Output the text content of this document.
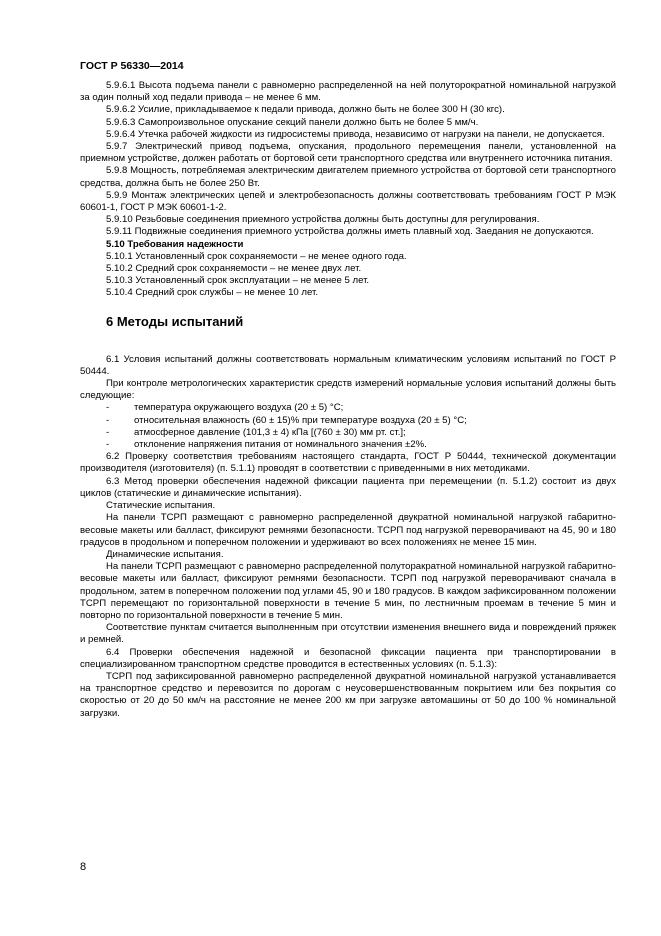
ГОСТ Р 56330—2014

5.9.6.1 Высота подъема панели с равномерно распределенной на ней полуторократной номинальной нагрузкой за один полный ход педали привода – не менее 6 мм.

5.9.6.2 Усилие, прикладываемое к педали привода, должно быть не более 300 Н (30 кгс).

5.9.6.3 Самопроизвольное опускание секций панели должно быть не более 5 мм/ч.

5.9.6.4 Утечка рабочей жидкости из гидросистемы привода, независимо от нагрузки на панели, не допускается.

5.9.7 Электрический привод подъема, опускания, продольного перемещения панели, установленной на приемном устройстве, должен работать от бортовой сети транспортного средства или внутреннего источника питания.

5.9.8 Мощность, потребляемая электрическим двигателем приемного устройства от бортовой сети транспортного средства, должна быть не более 250 Вт.

5.9.9 Монтаж электрических цепей и электробезопасность должны соответствовать требованиям ГОСТ Р МЭК 60601-1, ГОСТ Р МЭК 60601-1-2.

5.9.10 Резьбовые соединения приемного устройства должны быть доступны для регулирования.

5.9.11 Подвижные соединения приемного устройства должны иметь плавный ход. Заедания не допускаются.

5.10 Требования надежности

5.10.1 Установленный срок сохраняемости – не менее одного года.

5.10.2 Средний срок сохраняемости – не менее двух лет.

5.10.3 Установленный срок эксплуатации – не менее 5 лет.

5.10.4 Средний срок службы – не менее 10 лет.

6 Методы испытаний

6.1 Условия испытаний должны соответствовать нормальным климатическим условиям испытаний по ГОСТ Р 50444.

При контроле метрологических характеристик средств измерений нормальные условия испытаний должны быть следующие:

-	температура окружающего воздуха (20 ± 5) °С;
-	относительная влажность (60 ± 15)% при температуре воздуха (20 ± 5) °С;
-	атмосферное давление (101,3 ± 4) кПа [(760 ± 30) мм рт. ст.];
-	отклонение напряжения питания от номинального значения ±2%.

6.2 Проверку соответствия требованиям настоящего стандарта, ГОСТ Р 50444, технической документации производителя (изготовителя) (п. 5.1.1) проводят в соответствии с приведенными в них методиками.

6.3 Метод проверки обеспечения надежной фиксации пациента при перемещении (п. 5.1.2) состоит из двух циклов (статические и динамические испытания).

Статические испытания.

На панели ТСРП размещают с равномерно распределенной двукратной номинальной нагрузкой габаритно-весовые макеты или балласт, фиксируют ремнями безопасности. ТСРП под нагрузкой переворачивают на 45, 90 и 180 градусов в продольном и поперечном положении и удерживают во всех положениях не менее 15 мин.

Динамические испытания.

На панели ТСРП размещают с равномерно распределенной полуторакратной номинальной нагрузкой габаритно-весовые макеты или балласт, фиксируют ремнями безопасности. ТСРП под нагрузкой переворачивают сначала в продольном, затем в поперечном положении под углами 45, 90 и 180 градусов. В каждом зафиксированном положении ТСРП перемещают по горизонтальной поверхности в течение 5 мин, по лестничным проемам в течение 5 мин и повторно по горизонтальной поверхности в течение 5 мин.

Соответствие пунктам считается выполненным при отсутствии изменения внешнего вида и повреждений пряжек и ремней.

6.4 Проверки обеспечения надежной и безопасной фиксации пациента при транспортировании в специализированном транспортном средстве проводится в естественных условиях (п. 5.1.3):

ТСРП под зафиксированной равномерно распределенной двукратной номинальной нагрузкой устанавливается на транспортное средство и перевозится по дорогам с неусовершенствованным покрытием или без покрытия со скоростью от 20 до 50 км/ч на расстояние не менее 200 км при загрузке автомашины от 50 до 100 % номинальной загрузки.

8
